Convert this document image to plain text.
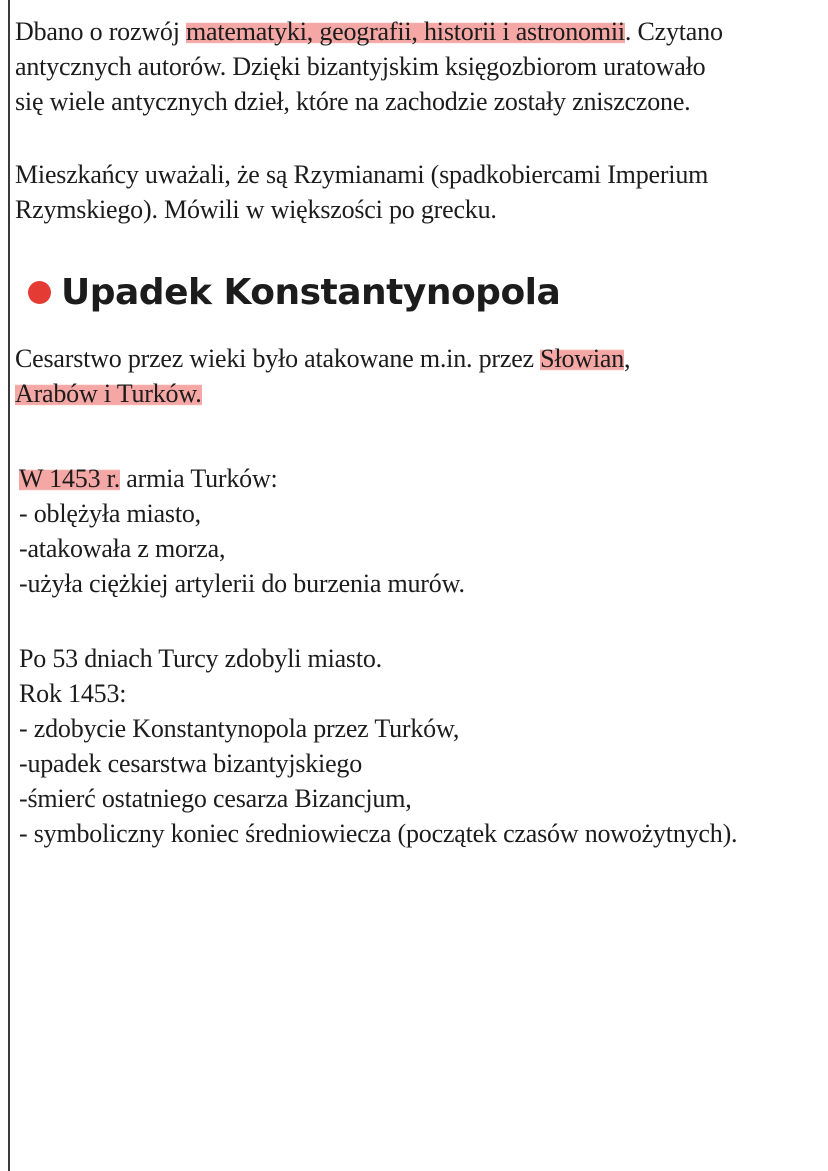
Dbano o rozwój matematyki, geografii, historii i astronomii. Czytano
antycznych autorów. Dzięki bizantyjskim księgozbiorom uratowało
się wiele antycznych dzieł, które na zachodzie zostały zniszczone.
Mieszkańcy uważali, że są Rzymianami (spadkobiercami Imperium
Rzymskiego). Mówili w większości po grecku.
Upadek Konstantynopola
Cesarstwo przez wieki było atakowane m.in. przez Słowian,
Arabów i Turków.
W 1453 r. armia Turków:
- oblężyła miasto,
-atakowała z morza,
-użyła ciężkiej artylerii do burzenia murów.
Po 53 dniach Turcy zdobyli miasto.
Rok 1453:
- zdobycie Konstantynopola przez Turków,
-upadek cesarstwa bizantyjskiego
-śmierć ostatniego cesarza Bizancjum,
- symboliczny koniec średniowiecza (początek czasów nowożytnych).
